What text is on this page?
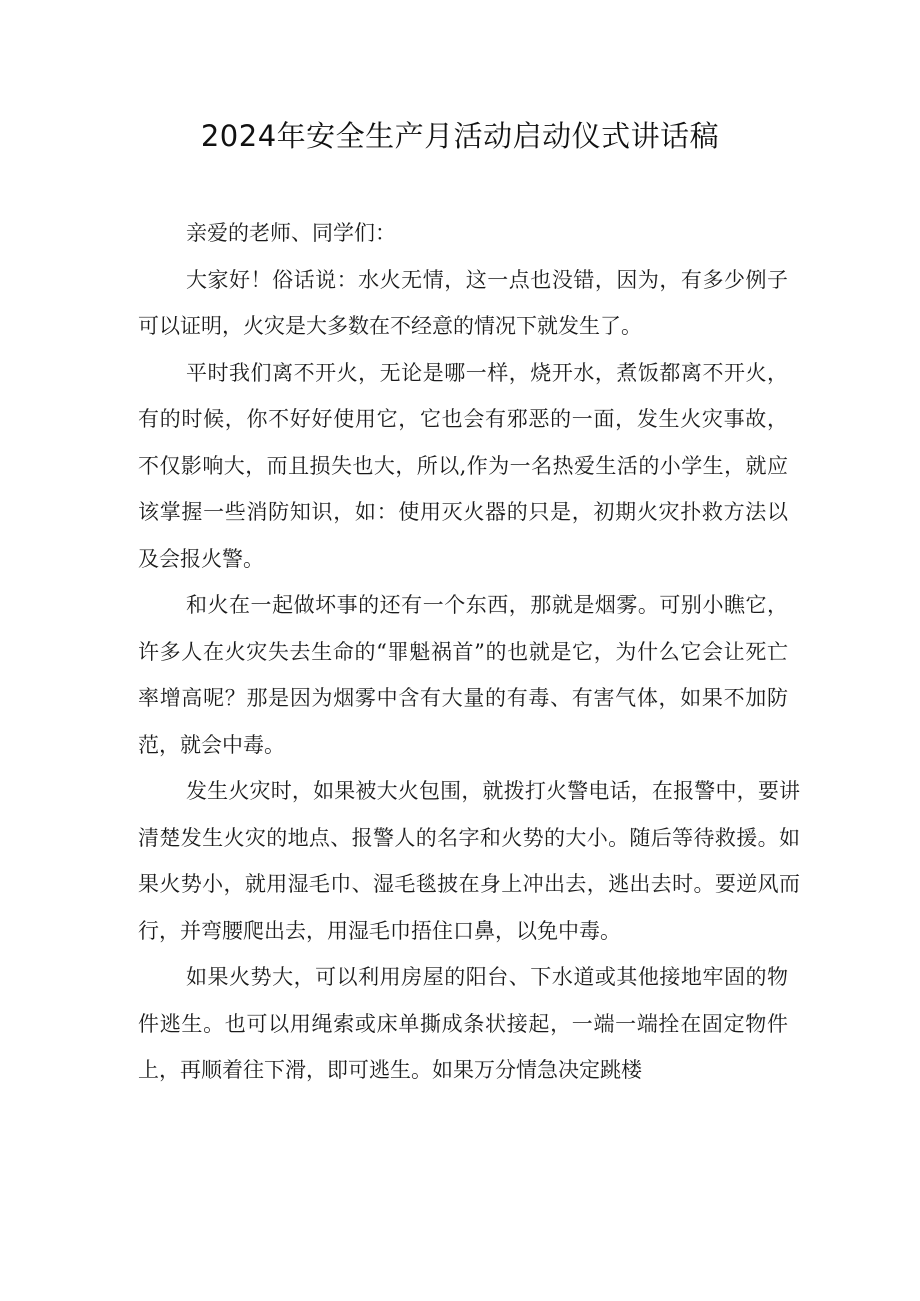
2024年安全生产月活动启动仪式讲话稿

亲爱的老师、同学们：

大家好！俗话说：水火无情，这一点也没错，因为，有多少例子可以证明，火灾是大多数在不经意的情况下就发生了。

平时我们离不开火，无论是哪一样，烧开水，煮饭都离不开火，有的时候，你不好好使用它，它也会有邪恶的一面，发生火灾事故，不仅影响大，而且损失也大，所以,作为一名热爱生活的小学生，就应该掌握一些消防知识，如：使用灭火器的只是，初期火灾扑救方法以及会报火警。

和火在一起做坏事的还有一个东西，那就是烟雾。可别小瞧它，许多人在火灾失去生命的“罪魁祸首”的也就是它，为什么它会让死亡率增高呢？那是因为烟雾中含有大量的有毒、有害气体，如果不加防范，就会中毒。

发生火灾时，如果被大火包围，就拨打火警电话，在报警中，要讲清楚发生火灾的地点、报警人的名字和火势的大小。随后等待救援。如果火势小，就用湿毛巾、湿毛毯披在身上冲出去，逃出去时。要逆风而行，并弯腰爬出去，用湿毛巾捂住口鼻，以免中毒。

如果火势大，可以利用房屋的阳台、下水道或其他接地牢固的物件逃生。也可以用绳索或床单撕成条状接起，一端一端拴在固定物件上，再顺着往下滑，即可逃生。如果万分情急决定跳楼
